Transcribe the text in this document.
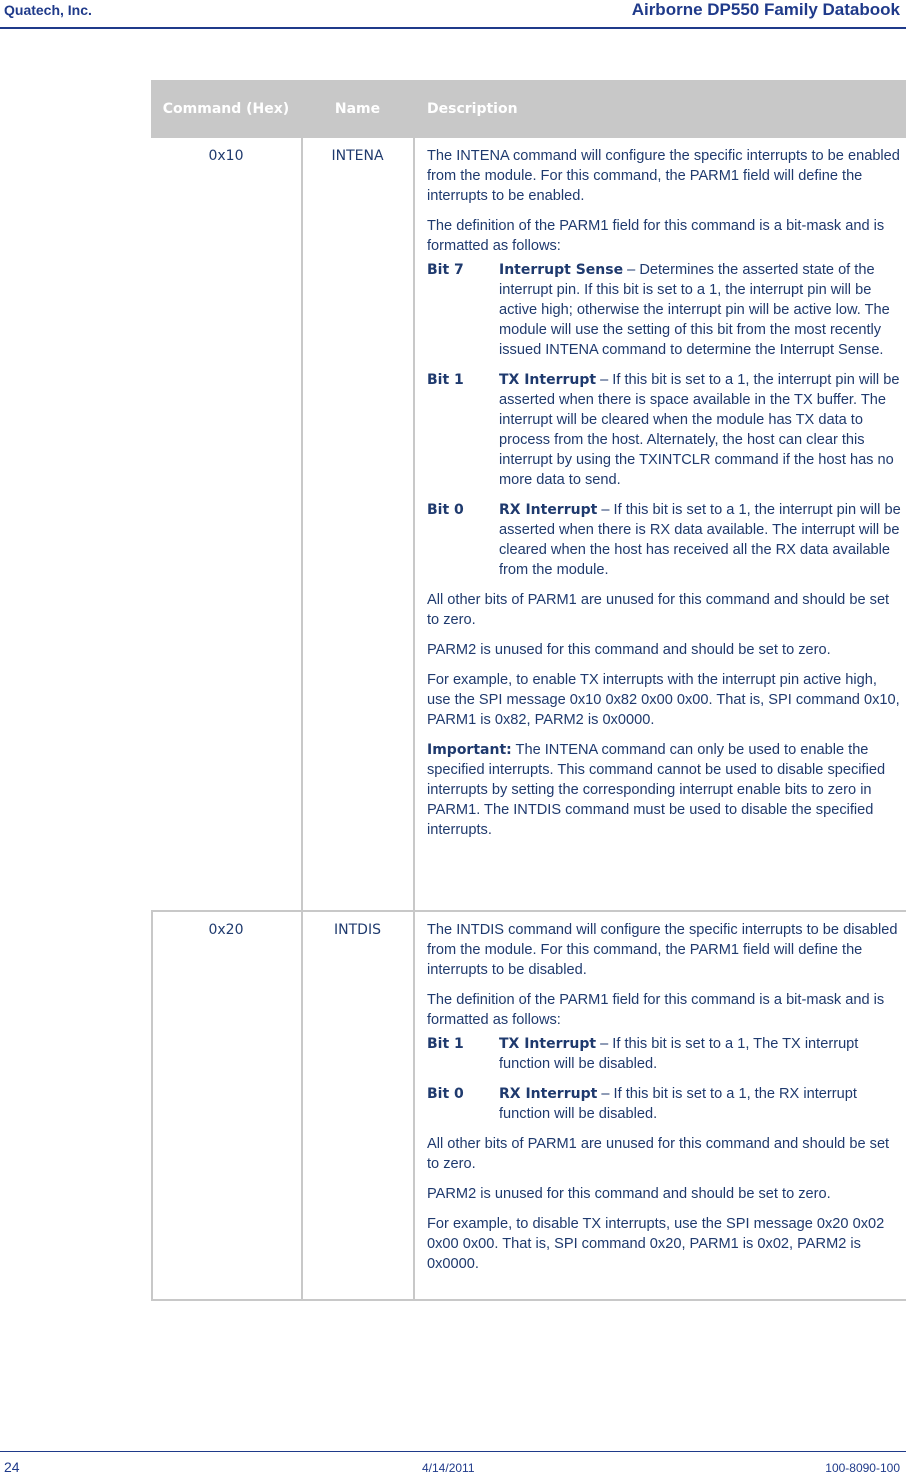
Quatech, Inc.	Airborne DP550 Family Databook
Command (Hex)	Name	Description
0x10	INTENA	The INTENA command will configure the specific interrupts to be enabled from the module. For this command, the PARM1 field will define the interrupts to be enabled.

The definition of the PARM1 field for this command is a bit-mask and is formatted as follows:

Bit 7	Interrupt Sense – Determines the asserted state of the interrupt pin. If this bit is set to a 1, the interrupt pin will be active high; otherwise the interrupt pin will be active low. The module will use the setting of this bit from the most recently issued INTENA command to determine the Interrupt Sense.
Bit 1	TX Interrupt – If this bit is set to a 1, the interrupt pin will be asserted when there is space available in the TX buffer. The interrupt will be cleared when the module has TX data to process from the host. Alternately, the host can clear this interrupt by using the TXINTCLR command if the host has no more data to send.
Bit 0	RX Interrupt – If this bit is set to a 1, the interrupt pin will be asserted when there is RX data available. The interrupt will be cleared when the host has received all the RX data available from the module.

All other bits of PARM1 are unused for this command and should be set to zero.

PARM2 is unused for this command and should be set to zero.

For example, to enable TX interrupts with the interrupt pin active high, use the SPI message 0x10 0x82 0x00 0x00. That is, SPI command 0x10, PARM1 is 0x82, PARM2 is 0x0000.

Important: The INTENA command can only be used to enable the specified interrupts. This command cannot be used to disable specified interrupts by setting the corresponding interrupt enable bits to zero in PARM1. The INTDIS command must be used to disable the specified interrupts.

0x20	INTDIS	The INTDIS command will configure the specific interrupts to be disabled from the module. For this command, the PARM1 field will define the interrupts to be disabled.

The definition of the PARM1 field for this command is a bit-mask and is formatted as follows:

Bit 1	TX Interrupt – If this bit is set to a 1, The TX interrupt function will be disabled.
Bit 0	RX Interrupt – If this bit is set to a 1, the RX interrupt function will be disabled.

All other bits of PARM1 are unused for this command and should be set to zero.

PARM2 is unused for this command and should be set to zero.

For example, to disable TX interrupts, use the SPI message 0x20 0x02 0x00 0x00. That is, SPI command 0x20, PARM1 is 0x02, PARM2 is 0x0000.

24	4/14/2011	100-8090-100
